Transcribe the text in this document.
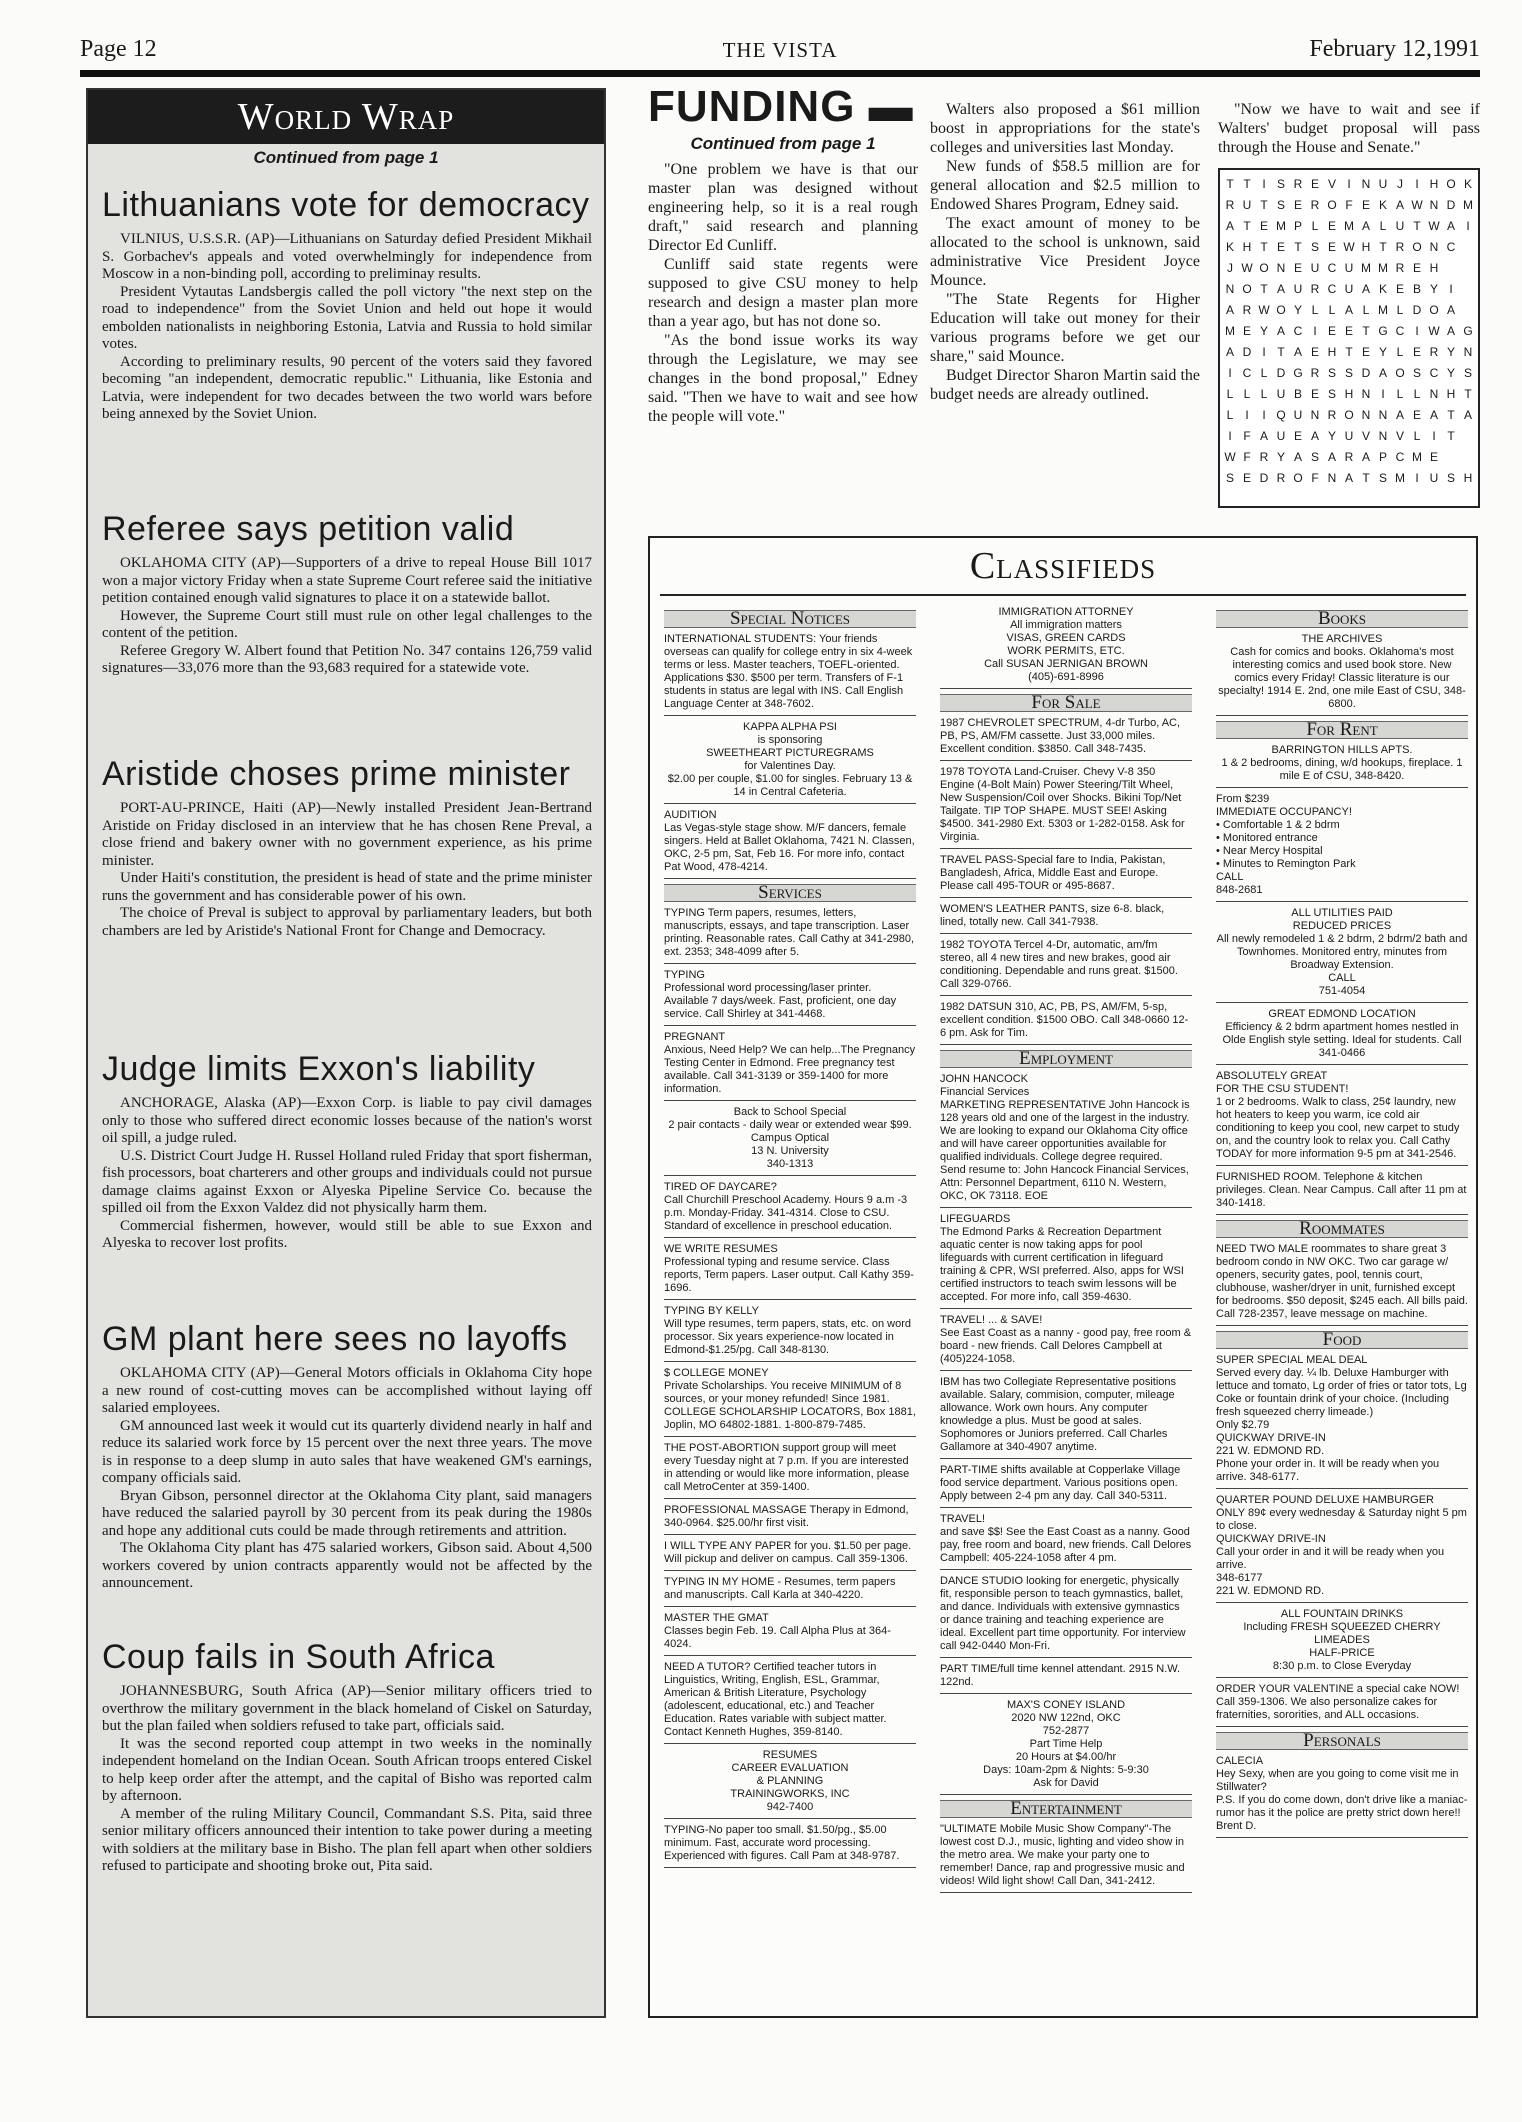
Page 12	THE VISTA	February 12,1991
World Wrap
Continued from page 1
Lithuanians vote for democracy

VILNIUS, U.S.S.R. (AP)—Lithuanians on Saturday defied President Mikhail S. Gorbachev's appeals and voted overwhelmingly for independence from Moscow in a non-binding poll, according to preliminay results.

President Vytautas Landsbergis called the poll victory "the next step on the road to independence" from the Soviet Union and held out hope it would embolden nationalists in neighboring Estonia, Latvia and Russia to hold similar votes.

According to preliminary results, 90 percent of the voters said they favored becoming "an independent, democratic republic." Lithuania, like Estonia and Latvia, were independent for two decades between the two world wars before being annexed by the Soviet Union.

Referee says petition valid

OKLAHOMA CITY (AP)—Supporters of a drive to repeal House Bill 1017 won a major victory Friday when a state Supreme Court referee said the initiative petition contained enough valid signatures to place it on a statewide ballot.

However, the Supreme Court still must rule on other legal challenges to the content of the petition.

Referee Gregory W. Albert found that Petition No. 347 contains 126,759 valid signatures—33,076 more than the 93,683 required for a statewide vote.

Aristide choses prime minister

PORT-AU-PRINCE, Haiti (AP)—Newly installed President Jean-Bertrand Aristide on Friday disclosed in an interview that he has chosen Rene Preval, a close friend and bakery owner with no government experience, as his prime minister.

Under Haiti's constitution, the president is head of state and the prime minister runs the government and has considerable power of his own.

The choice of Preval is subject to approval by parliamentary leaders, but both chambers are led by Aristide's National Front for Change and Democracy.

Judge limits Exxon's liability

ANCHORAGE, Alaska (AP)—Exxon Corp. is liable to pay civil damages only to those who suffered direct economic losses because of the nation's worst oil spill, a judge ruled.

U.S. District Court Judge H. Russel Holland ruled Friday that sport fisherman, fish processors, boat charterers and other groups and individuals could not pursue damage claims against Exxon or Alyeska Pipeline Service Co. because the spilled oil from the Exxon Valdez did not physically harm them.

Commercial fishermen, however, would still be able to sue Exxon and Alyeska to recover lost profits.

GM plant here sees no layoffs

OKLAHOMA CITY (AP)—General Motors officials in Oklahoma City hope a new round of cost-cutting moves can be accomplished without laying off salaried employees.

GM announced last week it would cut its quarterly dividend nearly in half and reduce its salaried work force by 15 percent over the next three years. The move is in response to a deep slump in auto sales that have weakened GM's earnings, company officials said.

Bryan Gibson, personnel director at the Oklahoma City plant, said managers have reduced the salaried payroll by 30 percent from its peak during the 1980s and hope any additional cuts could be made through retirements and attrition.

The Oklahoma City plant has 475 salaried workers, Gibson said. About 4,500 workers covered by union contracts apparently would not be affected by the announcement.

Coup fails in South Africa

JOHANNESBURG, South Africa (AP)—Senior military officers tried to overthrow the military government in the black homeland of Ciskel on Saturday, but the plan failed when soldiers refused to take part, officials said.

It was the second reported coup attempt in two weeks in the nominally independent homeland on the Indian Ocean. South African troops entered Ciskel to help keep order after the attempt, and the capital of Bisho was reported calm by afternoon.

A member of the ruling Military Council, Commandant S.S. Pita, said three senior military officers announced their intention to take power during a meeting with soldiers at the military base in Bisho. The plan fell apart when other soldiers refused to participate and shooting broke out, Pita said.

FUNDING ▬
Continued from page 1

"One problem we have is that our master plan was designed without engineering help, so it is a real rough draft," said research and planning Director Ed Cunliff.

Cunliff said state regents were supposed to give CSU money to help research and design a master plan more than a year ago, but has not done so.

"As the bond issue works its way through the Legislature, we may see changes in the bond proposal," Edney said. "Then we have to wait and see how the people will vote."

Walters also proposed a $61 million boost in appropriations for the state's colleges and universities last Monday.

New funds of $58.5 million are for general allocation and $2.5 million to Endowed Shares Program, Edney said.

The exact amount of money to be allocated to the school is unknown, said administrative Vice President Joyce Mounce.

"The State Regents for Higher Education will take out money for their various programs before we get our share," said Mounce.

Budget Director Sharon Martin said the budget needs are already outlined.

"Now we have to wait and see if Walters' budget proposal will pass through the House and Senate."

T	T	I	S	R	E	V	I	N	U	J	I	H	O	K
R	U	T	S	E	R	O	F	E	K	A	W	N	D	M
A	T	E	M	P	L	E	M	A	L	U	T	W	A	I
K	H	T	E	T	S	E	W	H	T	R	O	N	C	
J	W	O	N	E	U	C	U	M	M	R	E	H		
N	O	T	A	U	R	C	U	A	K	E	B	Y	I	
A	R	W	O	Y	L	L	A	L	M	L	D	O	A	
M	E	Y	A	C	I	E	E	T	G	C	I	W	A	G
A	D	I	T	A	E	H	T	E	Y	L	E	R	Y	N
I	C	L	D	G	R	S	S	D	A	O	S	C	Y	S
L	L	L	U	B	E	S	H	N	I	L	L	N	H	T
L	I	I	Q	U	N	R	O	N	N	A	E	A	T	A
I	F	A	U	E	A	Y	U	V	N	V	L	I	T	
W	F	R	Y	A	S	A	R	A	P	C	M	E		
S	E	D	R	O	F	N	A	T	S	M	I	U	S	H
Classifieds
Special Notices
INTERNATIONAL STUDENTS: Your friends overseas can qualify for college entry in six 4-week terms or less. Master teachers, TOEFL-oriented. Applications $30. $500 per term. Transfers of F-1 students in status are legal with INS. Call English Language Center at 348-7602.
KAPPA ALPHA PSI
is sponsoring
SWEETHEART PICTUREGRAMS
for Valentines Day.
$2.00 per couple, $1.00 for singles. February 13 & 14 in Central Cafeteria.
AUDITION
Las Vegas-style stage show. M/F dancers, female singers. Held at Ballet Oklahoma, 7421 N. Classen, OKC, 2-5 pm, Sat, Feb 16. For more info, contact Pat Wood, 478-4214.
Services
TYPING Term papers, resumes, letters, manuscripts, essays, and tape transcription. Laser printing. Reasonable rates. Call Cathy at 341-2980, ext. 2353; 348-4099 after 5.
TYPING
Professional word processing/laser printer. Available 7 days/week. Fast, proficient, one day service. Call Shirley at 341-4468.
PREGNANT
Anxious, Need Help? We can help...The Pregnancy Testing Center in Edmond. Free pregnancy test available. Call 341-3139 or 359-1400 for more information.
Back to School Special
2 pair contacts - daily wear or extended wear $99.
Campus Optical
13 N. University
340-1313
TIRED OF DAYCARE?
Call Churchill Preschool Academy. Hours 9 a.m -3 p.m. Monday-Friday. 341-4314. Close to CSU. Standard of excellence in preschool education.
WE WRITE RESUMES
Professional typing and resume service. Class reports, Term papers. Laser output. Call Kathy 359-1696.
TYPING BY KELLY
Will type resumes, term papers, stats, etc. on word processor. Six years experience-now located in Edmond-$1.25/pg. Call 348-8130.
$ COLLEGE MONEY
Private Scholarships. You receive MINIMUM of 8 sources, or your money refunded! Since 1981. COLLEGE SCHOLARSHIP LOCATORS, Box 1881, Joplin, MO 64802-1881. 1-800-879-7485.
THE POST-ABORTION support group will meet every Tuesday night at 7 p.m. If you are interested in attending or would like more information, please call MetroCenter at 359-1400.
PROFESSIONAL MASSAGE Therapy in Edmond, 340-0964. $25.00/hr first visit.
I WILL TYPE ANY PAPER for you. $1.50 per page. Will pickup and deliver on campus. Call 359-1306.
TYPING IN MY HOME - Resumes, term papers and manuscripts. Call Karla at 340-4220.
MASTER THE GMAT
Classes begin Feb. 19. Call Alpha Plus at 364-4024.
NEED A TUTOR? Certified teacher tutors in Linguistics, Writing, English, ESL, Grammar, American & British Literature, Psychology (adolescent, educational, etc.) and Teacher Education. Rates variable with subject matter. Contact Kenneth Hughes, 359-8140.
RESUMES
CAREER EVALUATION
& PLANNING
TRAININGWORKS, INC
942-7400
TYPING-No paper too small. $1.50/pg., $5.00 minimum. Fast, accurate word processing. Experienced with figures. Call Pam at 348-9787.
IMMIGRATION ATTORNEY
All immigration matters
VISAS, GREEN CARDS
WORK PERMITS, ETC.
Call SUSAN JERNIGAN BROWN
(405)-691-8996
For Sale
1987 CHEVROLET SPECTRUM, 4-dr Turbo, AC, PB, PS, AM/FM cassette. Just 33,000 miles. Excellent condition. $3850. Call 348-7435.
1978 TOYOTA Land-Cruiser. Chevy V-8 350 Engine (4-Bolt Main) Power Steering/Tilt Wheel, New Suspension/Coil over Shocks. Bikini Top/Net Tailgate. TIP TOP SHAPE. MUST SEE! Asking $4500. 341-2980 Ext. 5303 or 1-282-0158. Ask for Virginia.
TRAVEL PASS-Special fare to India, Pakistan, Bangladesh, Africa, Middle East and Europe. Please call 495-TOUR or 495-8687.
WOMEN'S LEATHER PANTS, size 6-8. black, lined, totally new. Call 341-7938.
1982 TOYOTA Tercel 4-Dr, automatic, am/fm stereo, all 4 new tires and new brakes, good air conditioning. Dependable and runs great. $1500. Call 329-0766.
1982 DATSUN 310, AC, PB, PS, AM/FM, 5-sp, excellent condition. $1500 OBO. Call 348-0660 12-6 pm. Ask for Tim.
Employment
JOHN HANCOCK
Financial Services
MARKETING REPRESENTATIVE John Hancock is 128 years old and one of the largest in the industry. We are looking to expand our Oklahoma City office and will have career opportunities available for qualified individuals. College degree required.
Send resume to: John Hancock Financial Services, Attn: Personnel Department, 6110 N. Western, OKC, OK 73118. EOE
LIFEGUARDS
The Edmond Parks & Recreation Department aquatic center is now taking apps for pool lifeguards with current certification in lifeguard training & CPR, WSI preferred. Also, apps for WSI certified instructors to teach swim lessons will be accepted. For more info, call 359-4630.
TRAVEL! ... & SAVE!
See East Coast as a nanny - good pay, free room & board - new friends. Call Delores Campbell at (405)224-1058.
IBM has two Collegiate Representative positions available. Salary, commision, computer, mileage allowance. Work own hours. Any computer knowledge a plus. Must be good at sales. Sophomores or Juniors preferred. Call Charles Gallamore at 340-4907 anytime.
PART-TIME shifts available at Copperlake Village food service department. Various positions open. Apply between 2-4 pm any day. Call 340-5311.
TRAVEL!
and save $$! See the East Coast as a nanny. Good pay, free room and board, new friends. Call Delores Campbell: 405-224-1058 after 4 pm.
DANCE STUDIO looking for energetic, physically fit, responsible person to teach gymnastics, ballet, and dance. Individuals with extensive gymnastics or dance training and teaching experience are ideal. Excellent part time opportunity. For interview call 942-0440 Mon-Fri.
PART TIME/full time kennel attendant. 2915 N.W. 122nd.
MAX'S CONEY ISLAND
2020 NW 122nd, OKC
752-2877
Part Time Help
20 Hours at $4.00/hr
Days: 10am-2pm & Nights: 5-9:30
Ask for David
Entertainment
"ULTIMATE Mobile Music Show Company"-The lowest cost D.J., music, lighting and video show in the metro area. We make your party one to remember! Dance, rap and progressive music and videos! Wild light show! Call Dan, 341-2412.
Books
THE ARCHIVES
Cash for comics and books. Oklahoma's most interesting comics and used book store. New comics every Friday! Classic literature is our specialty! 1914 E. 2nd, one mile East of CSU, 348-6800.
For Rent
BARRINGTON HILLS APTS.
1 & 2 bedrooms, dining, w/d hookups, fireplace. 1 mile E of CSU, 348-8420.
From $239
IMMEDIATE OCCUPANCY!
• Comfortable 1 & 2 bdrm
• Monitored entrance
• Near Mercy Hospital
• Minutes to Remington Park
CALL
848-2681
ALL UTILITIES PAID
REDUCED PRICES
All newly remodeled 1 & 2 bdrm, 2 bdrm/2 bath and Townhomes. Monitored entry, minutes from Broadway Extension.
CALL
751-4054
GREAT EDMOND LOCATION
Efficiency & 2 bdrm apartment homes nestled in Olde English style setting. Ideal for students. Call 341-0466
ABSOLUTELY GREAT
FOR THE CSU STUDENT!
1 or 2 bedrooms. Walk to class, 25¢ laundry, new hot heaters to keep you warm, ice cold air conditioning to keep you cool, new carpet to study on, and the country look to relax you. Call Cathy TODAY for more information 9-5 pm at 341-2546.
FURNISHED ROOM. Telephone & kitchen privileges. Clean. Near Campus. Call after 11 pm at 340-1418.
Roommates
NEED TWO MALE roommates to share great 3 bedroom condo in NW OKC. Two car garage w/ openers, security gates, pool, tennis court, clubhouse, washer/dryer in unit, furnished except for bedrooms. $50 deposit, $245 each. All bills paid. Call 728-2357, leave message on machine.
Food
SUPER SPECIAL MEAL DEAL
Served every day. ¼ lb. Deluxe Hamburger with lettuce and tomato, Lg order of fries or tator tots, Lg Coke or fountain drink of your choice. (Including fresh squeezed cherry limeade.)
Only $2.79
QUICKWAY DRIVE-IN
221 W. EDMOND RD.
Phone your order in. It will be ready when you arrive. 348-6177.
QUARTER POUND DELUXE HAMBURGER
ONLY 89¢ every wednesday & Saturday night 5 pm to close.
QUICKWAY DRIVE-IN
Call your order in and it will be ready when you arrive.
348-6177
221 W. EDMOND RD.
ALL FOUNTAIN DRINKS
Including FRESH SQUEEZED CHERRY LIMEADES
HALF-PRICE
8:30 p.m. to Close Everyday
ORDER YOUR VALENTINE a special cake NOW! Call 359-1306. We also personalize cakes for fraternities, sororities, and ALL occasions.
Personals
CALECIA
Hey Sexy, when are you going to come visit me in Stillwater?
P.S. If you do come down, don't drive like a maniac-rumor has it the police are pretty strict down here!!
Brent D.
